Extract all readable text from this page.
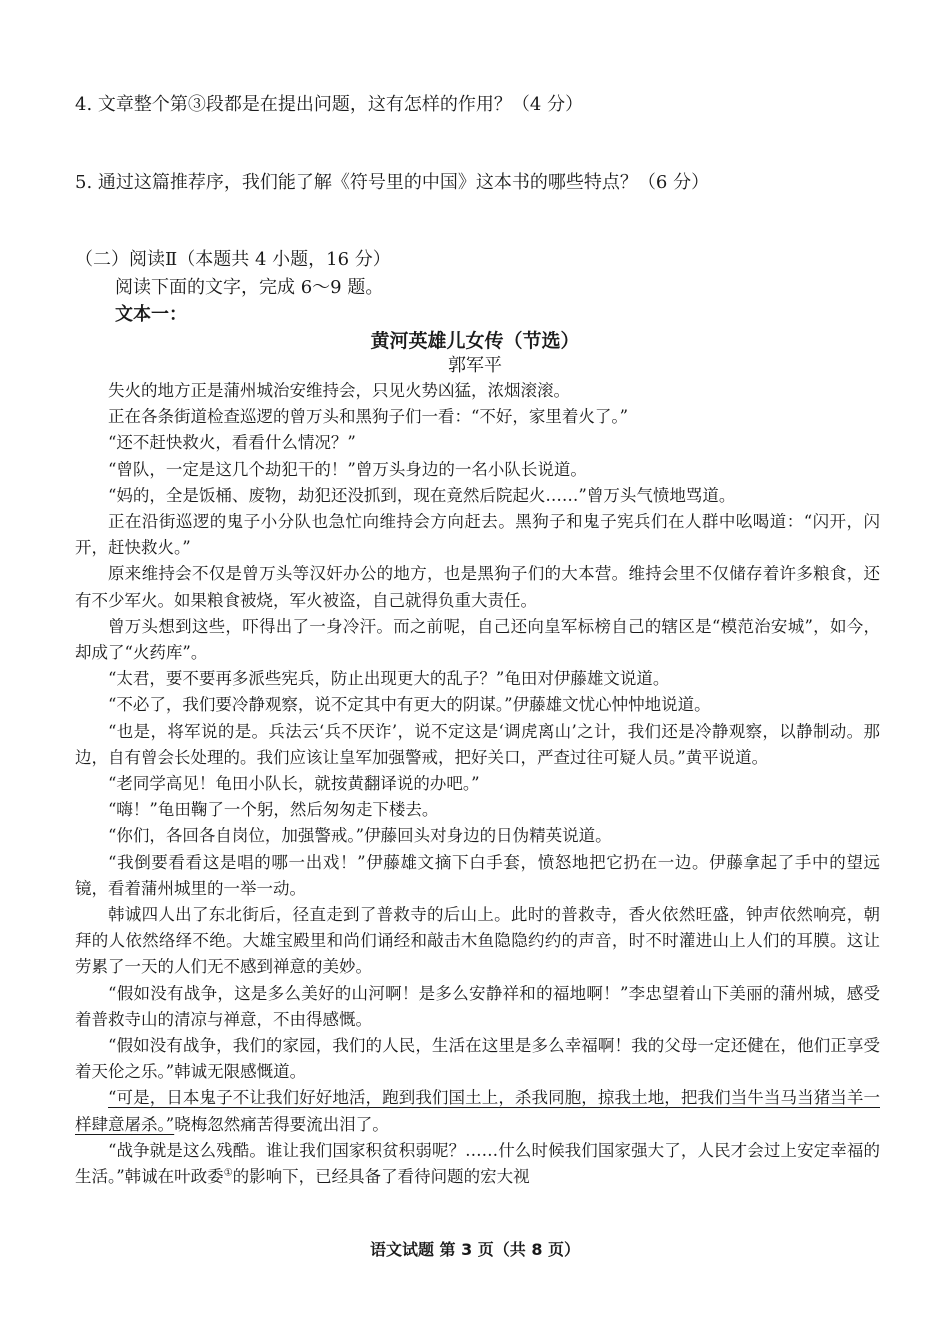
4. 文章整个第③段都是在提出问题，这有怎样的作用？（4 分）
5. 通过这篇推荐序，我们能了解《符号里的中国》这本书的哪些特点？（6 分）
（二）阅读Ⅱ（本题共 4 小题，16 分）
阅读下面的文字，完成 6～9 题。
文本一：
黄河英雄儿女传（节选）
郭军平

失火的地方正是蒲州城治安维持会，只见火势凶猛，浓烟滚滚。

正在各条街道检查巡逻的曾万头和黑狗子们一看：“不好，家里着火了。”

“还不赶快救火，看看什么情况？”

“曾队，一定是这几个劫犯干的！”曾万头身边的一名小队长说道。

“妈的，全是饭桶、废物，劫犯还没抓到，现在竟然后院起火……”曾万头气愤地骂道。

正在沿街巡逻的鬼子小分队也急忙向维持会方向赶去。黑狗子和鬼子宪兵们在人群中吆喝道：“闪开，闪开，赶快救火。”

原来维持会不仅是曾万头等汉奸办公的地方，也是黑狗子们的大本营。维持会里不仅储存着许多粮食，还有不少军火。如果粮食被烧，军火被盗，自己就得负重大责任。

曾万头想到这些，吓得出了一身冷汗。而之前呢，自己还向皇军标榜自己的辖区是“模范治安城”，如今，却成了“火药库”。

“太君，要不要再多派些宪兵，防止出现更大的乱子？”龟田对伊藤雄文说道。

“不必了，我们要冷静观察，说不定其中有更大的阴谋。”伊藤雄文忧心忡忡地说道。

“也是，将军说的是。兵法云‘兵不厌诈’，说不定这是‘调虎离山’之计，我们还是冷静观察，以静制动。那边，自有曾会长处理的。我们应该让皇军加强警戒，把好关口，严查过往可疑人员。”黄平说道。

“老同学高见！龟田小队长，就按黄翻译说的办吧。”

“嗨！”龟田鞠了一个躬，然后匆匆走下楼去。

“你们，各回各自岗位，加强警戒。”伊藤回头对身边的日伪精英说道。

“我倒要看看这是唱的哪一出戏！”伊藤雄文摘下白手套，愤怒地把它扔在一边。伊藤拿起了手中的望远镜，看着蒲州城里的一举一动。

韩诚四人出了东北街后，径直走到了普救寺的后山上。此时的普救寺，香火依然旺盛，钟声依然响亮，朝拜的人依然络绎不绝。大雄宝殿里和尚们诵经和敲击木鱼隐隐约约的声音，时不时灌进山上人们的耳膜。这让劳累了一天的人们无不感到禅意的美妙。

“假如没有战争，这是多么美好的山河啊！是多么安静祥和的福地啊！”李忠望着山下美丽的蒲州城，感受着普救寺山的清凉与禅意，不由得感慨。

“假如没有战争，我们的家园，我们的人民，生活在这里是多么幸福啊！我的父母一定还健在，他们正享受着天伦之乐。”韩诚无限感慨道。

“可是，日本鬼子不让我们好好地活，跑到我们国土上，杀我同胞，掠我土地，把我们当牛当马当猪当羊一样肆意屠杀。”晓梅忽然痛苦得要流出泪了。

“战争就是这么残酷。谁让我们国家积贫积弱呢？……什么时候我们国家强大了，人民才会过上安定幸福的生活。”韩诚在叶政委①的影响下，已经具备了看待问题的宏大视

语文试题 第 3 页（共 8 页）
